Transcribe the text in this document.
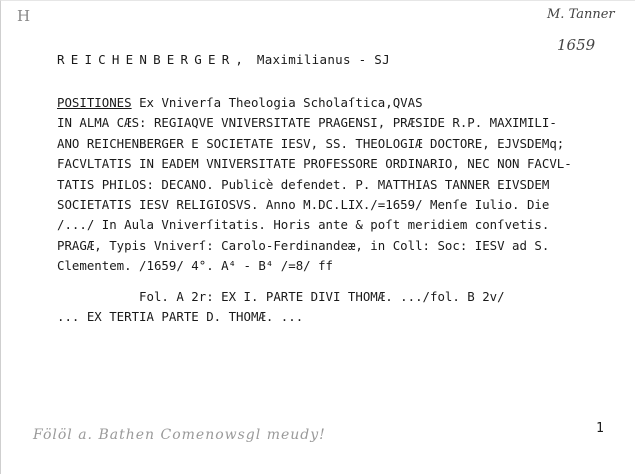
H	M. Tanner
1659
REICHENBERGER, Maximilianus - SJ
POSITIONES Ex Vniverſa Theologia Scholaſtica,QVAS
IN ALMA CÆS: REGIAQVE VNIVERSITATE PRAGENSI, PRÆSIDE R.P. MAXIMILI-
ANO REICHENBERGER E SOCIETATE IESV, SS. THEOLOGIÆ DOCTORE, EJVSDEMq;
FACVLTATIS IN EADEM VNIVERSITATE PROFESSORE ORDINARIO, NEC NON FACVL-
TATIS PHILOS: DECANO. Publicè defendet. P. MATTHIAS TANNER EIVSDEM
SOCIETATIS IESV RELIGIOSVS. Anno M.DC.LIX./=1659/ Menſe Iulio. Die
/.../ In Aula Vniverſitatis. Horis ante & poſt meridiem conſvetis.
PRAGÆ, Typis Vniverſ: Carolo-Ferdinandeæ, in Coll: Soc: IESV ad S.
Clementem. /1659/ 4°. A⁴ - B⁴ /=8/ ff
Fol. A 2r: EX I. PARTE DIVI THOMÆ. .../fol. B 2v/
... EX TERTIA PARTE D. THOMÆ. ...
1
Fölöl a. Bathen Comenowsgl meudy!
